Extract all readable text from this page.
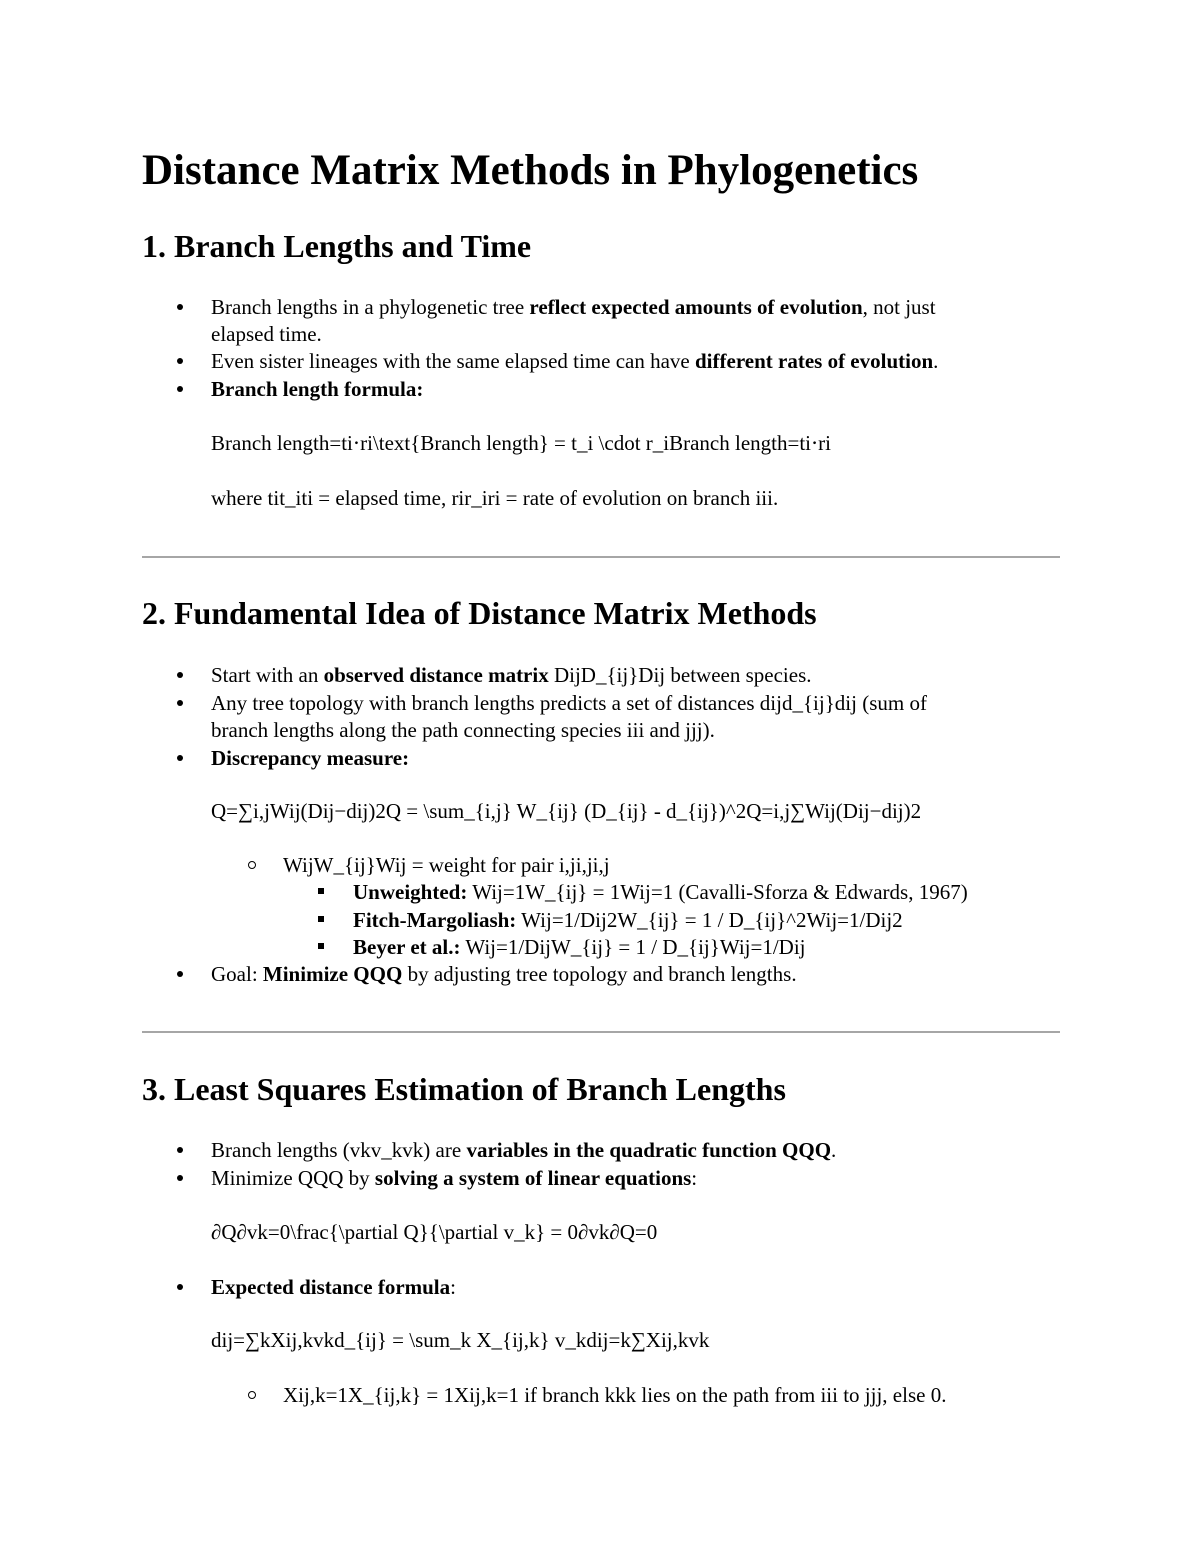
Distance Matrix Methods in Phylogenetics
1. Branch Lengths and Time
Branch lengths in a phylogenetic tree reflect expected amounts of evolution, not just
elapsed time.
Even sister lineages with the same elapsed time can have different rates of evolution.
Branch length formula:
Branch length=ti⋅ri\text{Branch length} = t_i \cdot r_iBranch length=ti⋅ri
where tit_iti = elapsed time, rir_iri = rate of evolution on branch iii.
2. Fundamental Idea of Distance Matrix Methods
Start with an observed distance matrix DijD_{ij}Dij between species.
Any tree topology with branch lengths predicts a set of distances dijd_{ij}dij (sum of
branch lengths along the path connecting species iii and jjj).
Discrepancy measure:
Q=∑i,jWij(Dij−dij)2Q = \sum_{i,j} W_{ij} (D_{ij} - d_{ij})^2Q=i,j∑Wij(Dij−dij)2
WijW_{ij}Wij = weight for pair i,ji,ji,j
Unweighted: Wij=1W_{ij} = 1Wij=1 (Cavalli-Sforza & Edwards, 1967)
Fitch-Margoliash: Wij=1/Dij2W_{ij} = 1 / D_{ij}^2Wij=1/Dij2
Beyer et al.: Wij=1/DijW_{ij} = 1 / D_{ij}Wij=1/Dij
Goal: Minimize QQQ by adjusting tree topology and branch lengths.
3. Least Squares Estimation of Branch Lengths
Branch lengths (vkv_kvk) are variables in the quadratic function QQQ.
Minimize QQQ by solving a system of linear equations:
∂Q∂vk=0\frac{\partial Q}{\partial v_k} = 0∂vk∂Q=0
Expected distance formula:
dij=∑kXij,kvkd_{ij} = \sum_k X_{ij,k} v_kdij=k∑Xij,kvk
Xij,k=1X_{ij,k} = 1Xij,k=1 if branch kkk lies on the path from iii to jjj, else 0.
